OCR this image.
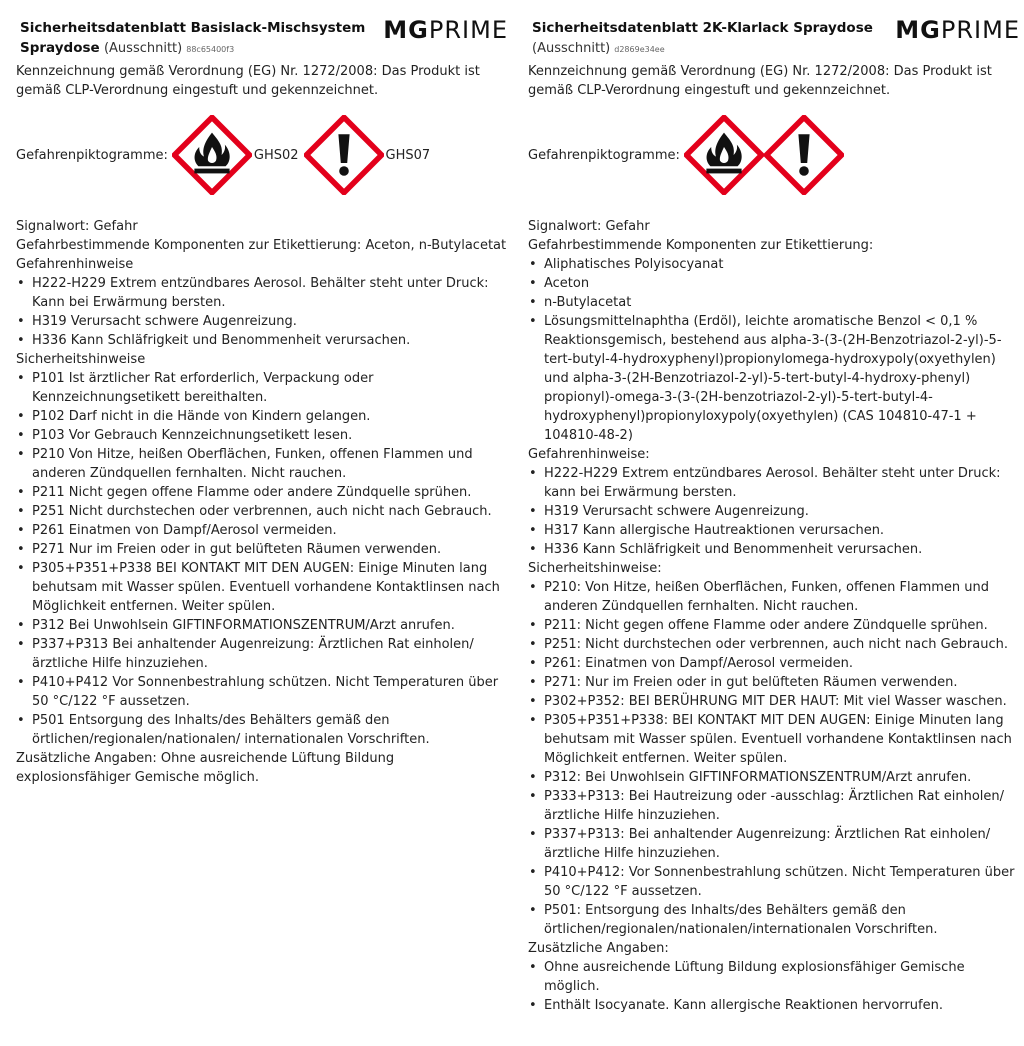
Sicherheitsdatenblatt Basislack-Mischsystem Spraydose (Ausschnitt) 88c65400f3
MGPRIME

Kennzeichnung gemäß Verordnung (EG) Nr. 1272/2008: Das Produkt ist gemäß CLP-Verordnung eingestuft und gekennzeichnet.

Gefahrenpiktogramme:	GHS02	GHS07

Signalwort: Gefahr

Gefahrbestimmende Komponenten zur Etikettierung: Aceton, n-Butylacetat

Gefahrenhinweise

• H222-H229 Extrem entzündbares Aerosol. Behälter steht unter Druck: Kann bei Erwärmung bersten.
• H319 Verursacht schwere Augenreizung.
• H336 Kann Schläfrigkeit und Benommenheit verursachen.

Sicherheitshinweise

• P101 Ist ärztlicher Rat erforderlich, Verpackung oder Kennzeichnungsetikett bereithalten.
• P102 Darf nicht in die Hände von Kindern gelangen.
• P103 Vor Gebrauch Kennzeichnungsetikett lesen.
• P210 Von Hitze, heißen Oberflächen, Funken, offenen Flammen und anderen Zündquellen fernhalten. Nicht rauchen.
• P211 Nicht gegen offene Flamme oder andere Zündquelle sprühen.
• P251 Nicht durchstechen oder verbrennen, auch nicht nach Gebrauch.
• P261 Einatmen von Dampf/Aerosol vermeiden.
• P271 Nur im Freien oder in gut belüfteten Räumen verwenden.
• P305+P351+P338 BEI KONTAKT MIT DEN AUGEN: Einige Minuten lang behutsam mit Wasser spülen. Eventuell vorhandene Kontaktlinsen nach Möglichkeit entfernen. Weiter spülen.
• P312 Bei Unwohlsein GIFTINFORMATIONSZENTRUM/Arzt anrufen.
• P337+P313 Bei anhaltender Augenreizung: Ärztlichen Rat einholen/ärztliche Hilfe hinzuziehen.
• P410+P412 Vor Sonnenbestrahlung schützen. Nicht Temperaturen über 50 °C/122 °F aussetzen.
• P501 Entsorgung des Inhalts/des Behälters gemäß den örtlichen/regionalen/nationalen/ internationalen Vorschriften.

Zusätzliche Angaben: Ohne ausreichende Lüftung Bildung explosionsfähiger Gemische möglich.

Sicherheitsdatenblatt 2K-Klarlack Spraydose
(Ausschnitt) d2869e34ee
MGPRIME

Kennzeichnung gemäß Verordnung (EG) Nr. 1272/2008: Das Produkt ist gemäß CLP-Verordnung eingestuft und gekennzeichnet.

Gefahrenpiktogramme:

Signalwort: Gefahr

Gefahrbestimmende Komponenten zur Etikettierung:

• Aliphatisches Polyisocyanat
• Aceton
• n-Butylacetat
• Lösungsmittelnaphtha (Erdöl), leichte aromatische Benzol < 0,1 % Reaktionsgemisch, bestehend aus alpha-3-(3-(2H-Benzotriazol-2-yl)-5-tert-butyl-4-hydroxyphenyl)propionylomega-hydroxypoly(oxyethylen) und alpha-3-(2H-Benzotriazol-2-yl)-5-tert-butyl-4-hydroxy-phenyl) propionyl)-omega-3-(3-(2H-benzotriazol-2-yl)-5-tert-butyl-4-hydroxyphenyl)propionyloxypoly(oxyethylen) (CAS 104810-47-1 + 104810-48-2)

Gefahrenhinweise:

• H222-H229 Extrem entzündbares Aerosol. Behälter steht unter Druck: kann bei Erwärmung bersten.
• H319 Verursacht schwere Augenreizung.
• H317 Kann allergische Hautreaktionen verursachen.
• H336 Kann Schläfrigkeit und Benommenheit verursachen.

Sicherheitshinweise:

• P210: Von Hitze, heißen Oberflächen, Funken, offenen Flammen und anderen Zündquellen fernhalten. Nicht rauchen.
• P211: Nicht gegen offene Flamme oder andere Zündquelle sprühen.
• P251: Nicht durchstechen oder verbrennen, auch nicht nach Gebrauch.
• P261: Einatmen von Dampf/Aerosol vermeiden.
• P271: Nur im Freien oder in gut belüfteten Räumen verwenden.
• P302+P352: BEI BERÜHRUNG MIT DER HAUT: Mit viel Wasser waschen.
• P305+P351+P338: BEI KONTAKT MIT DEN AUGEN: Einige Minuten lang behutsam mit Wasser spülen. Eventuell vorhandene Kontaktlinsen nach Möglichkeit entfernen. Weiter spülen.
• P312: Bei Unwohlsein GIFTINFORMATIONSZENTRUM/Arzt anrufen.
• P333+P313: Bei Hautreizung oder -ausschlag: Ärztlichen Rat einholen/ärztliche Hilfe hinzuziehen.
• P337+P313: Bei anhaltender Augenreizung: Ärztlichen Rat einholen/ärztliche Hilfe hinzuziehen.
• P410+P412: Vor Sonnenbestrahlung schützen. Nicht Temperaturen über 50 °C/122 °F aussetzen.
• P501: Entsorgung des Inhalts/des Behälters gemäß den örtlichen/regionalen/nationalen/internationalen Vorschriften.

Zusätzliche Angaben:

• Ohne ausreichende Lüftung Bildung explosionsfähiger Gemische möglich.
• Enthält Isocyanate. Kann allergische Reaktionen hervorrufen.
